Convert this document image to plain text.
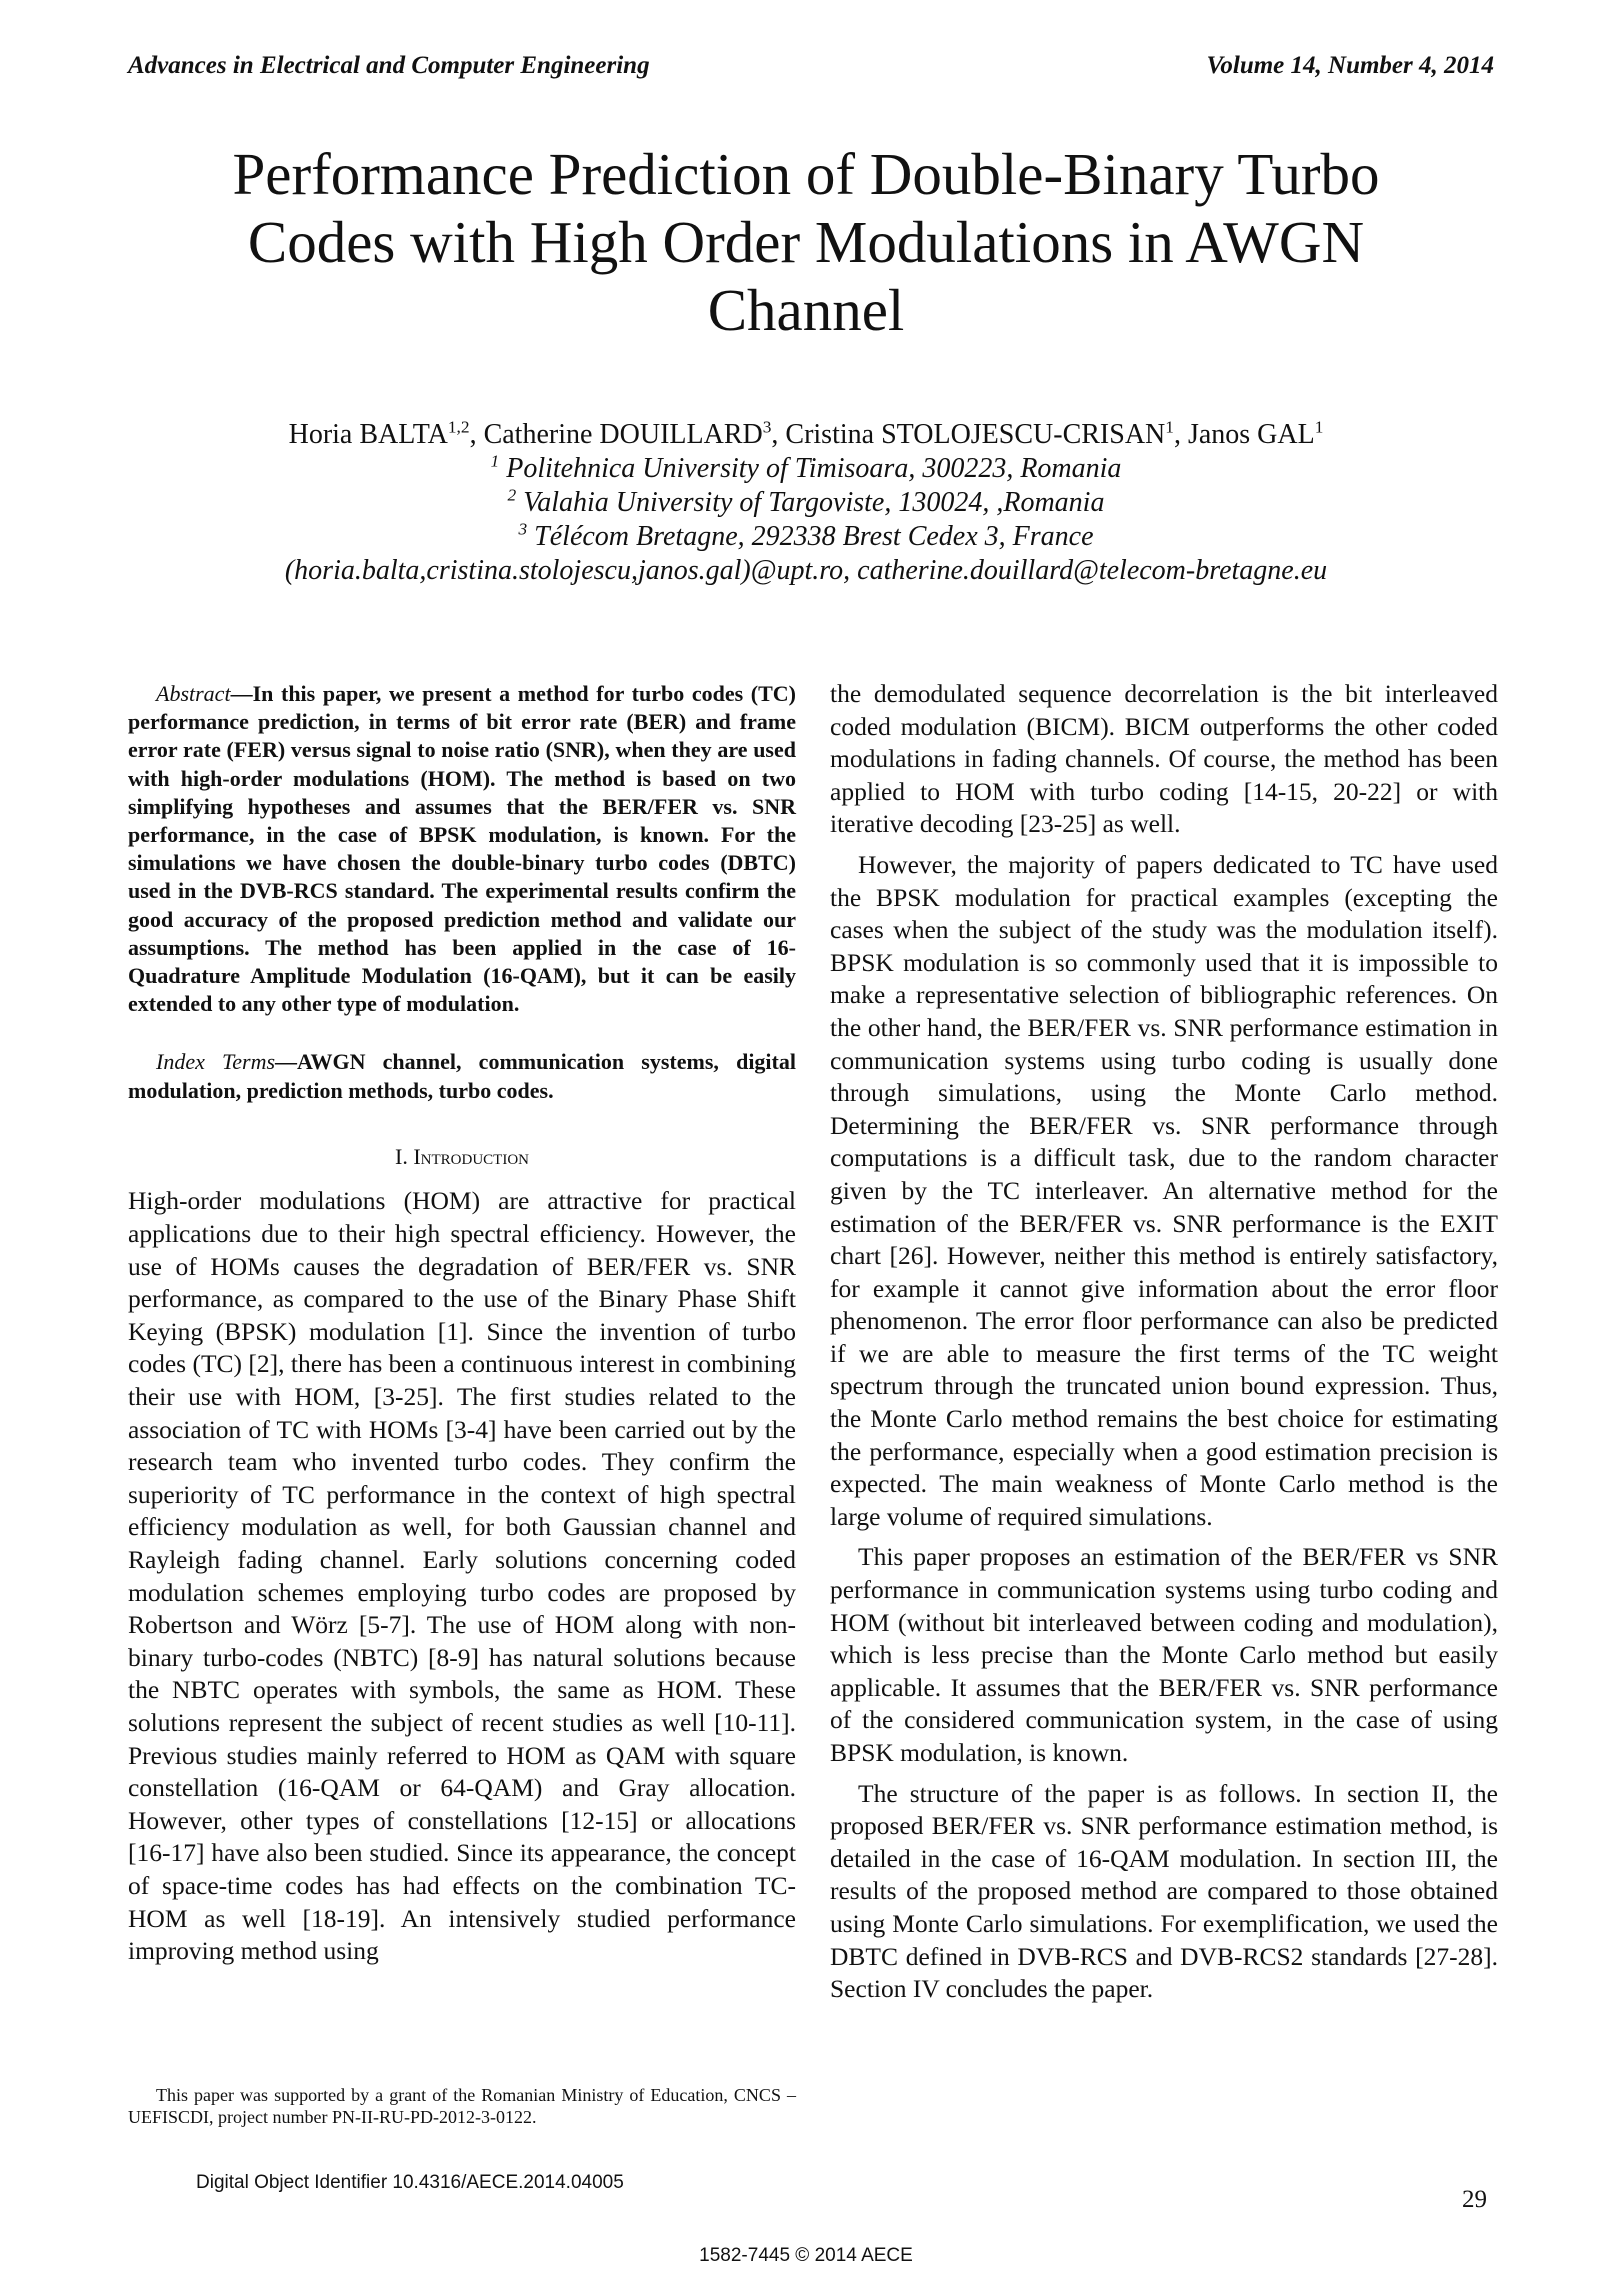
Advances in Electrical and Computer Engineering	Volume 14, Number 4, 2014
Performance Prediction of Double-Binary Turbo
Codes with High Order Modulations in AWGN
Channel
Horia BALTA$^{1,2}$, Catherine DOUILLARD$^3$, Cristina STOLOJESCU-CRISAN$^1$, Janos GAL$^1$
$^1$ Politehnica University of Timisoara, 300223, Romania
$^2$ Valahia University of Targoviste, 130024, ,Romania
$^3$ Télécom Bretagne, 292338 Brest Cedex 3, France
(horia.balta,cristina.stolojescu,janos.gal)@upt.ro, catherine.douillard@telecom-bretagne.eu

Abstract—In this paper, we present a method for turbo codes (TC) performance prediction, in terms of bit error rate (BER) and frame error rate (FER) versus signal to noise ratio (SNR), when they are used with high-order modulations (HOM). The method is based on two simplifying hypotheses and assumes that the BER/FER vs. SNR performance, in the case of BPSK modulation, is known. For the simulations we have chosen the double-binary turbo codes (DBTC) used in the DVB-RCS standard. The experimental results confirm the good accuracy of the proposed prediction method and validate our assumptions. The method has been applied in the case of 16-Quadrature Amplitude Modulation (16-QAM), but it can be easily extended to any other type of modulation.

Index Terms—AWGN channel, communication systems, digital modulation, prediction methods, turbo codes.

I. Introduction

High-order modulations (HOM) are attractive for practical applications due to their high spectral efficiency. However, the use of HOMs causes the degradation of BER/FER vs. SNR performance, as compared to the use of the Binary Phase Shift Keying (BPSK) modulation [1]. Since the invention of turbo codes (TC) [2], there has been a continuous interest in combining their use with HOM, [3-25]. The first studies related to the association of TC with HOMs [3-4] have been carried out by the research team who invented turbo codes. They confirm the superiority of TC performance in the context of high spectral efficiency modulation as well, for both Gaussian channel and Rayleigh fading channel. Early solutions concerning coded modulation schemes employing turbo codes are proposed by Robertson and Wörz [5-7]. The use of HOM along with non-binary turbo-codes (NBTC) [8-9] has natural solutions because the NBTC operates with symbols, the same as HOM. These solutions represent the subject of recent studies as well [10-11]. Previous studies mainly referred to HOM as QAM with square constellation (16-QAM or 64-QAM) and Gray allocation. However, other types of constellations [12-15] or allocations [16-17] have also been studied. Since its appearance, the concept of space-time codes has had effects on the combination TC-HOM as well [18-19]. An intensively studied performance improving method using

the demodulated sequence decorrelation is the bit interleaved coded modulation (BICM). BICM outperforms the other coded modulations in fading channels. Of course, the method has been applied to HOM with turbo coding [14-15, 20-22] or with iterative decoding [23-25] as well.

However, the majority of papers dedicated to TC have used the BPSK modulation for practical examples (excepting the cases when the subject of the study was the modulation itself). BPSK modulation is so commonly used that it is impossible to make a representative selection of bibliographic references. On the other hand, the BER/FER vs. SNR performance estimation in communication systems using turbo coding is usually done through simulations, using the Monte Carlo method. Determining the BER/FER vs. SNR performance through computations is a difficult task, due to the random character given by the TC interleaver. An alternative method for the estimation of the BER/FER vs. SNR performance is the EXIT chart [26]. However, neither this method is entirely satisfactory, for example it cannot give information about the error floor phenomenon. The error floor performance can also be predicted if we are able to measure the first terms of the TC weight spectrum through the truncated union bound expression. Thus, the Monte Carlo method remains the best choice for estimating the performance, especially when a good estimation precision is expected. The main weakness of Monte Carlo method is the large volume of required simulations.

This paper proposes an estimation of the BER/FER vs SNR performance in communication systems using turbo coding and HOM (without bit interleaved between coding and modulation), which is less precise than the Monte Carlo method but easily applicable. It assumes that the BER/FER vs. SNR performance of the considered communication system, in the case of using BPSK modulation, is known.

The structure of the paper is as follows. In section II, the proposed BER/FER vs. SNR performance estimation method, is detailed in the case of 16-QAM modulation. In section III, the results of the proposed method are compared to those obtained using Monte Carlo simulations. For exemplification, we used the DBTC defined in DVB-RCS and DVB-RCS2 standards [27-28]. Section IV concludes the paper.

This paper was supported by a grant of the Romanian Ministry of Education, CNCS – UEFISCDI, project number PN-II-RU-PD-2012-3-0122.
Digital Object Identifier 10.4316/AECE.2014.04005
29
1582-7445 © 2014 AECE
